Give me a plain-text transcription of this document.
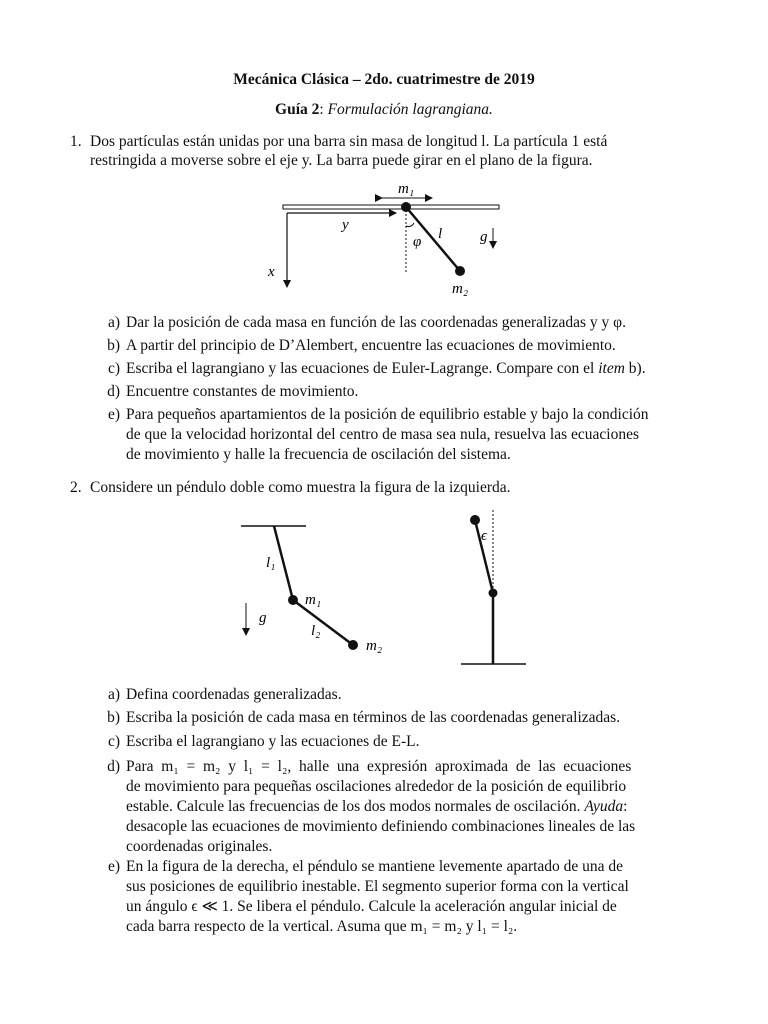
Mecánica Clásica – 2do. cuatrimestre de 2019
Guía 2: Formulación lagrangiana.
1. Dos partículas están unidas por una barra sin masa de longitud l. La partícula 1 está
restringida a moverse sobre el eje y. La barra puede girar en el plano de la figura.
m₁
y
x
l
φ	g
m₂
l₁
m₁
g
l₂
m₂
ϵ
a) Dar la posición de cada masa en función de las coordenadas generalizadas y y φ.
b) A partir del principio de D’Alembert, encuentre las ecuaciones de movimiento.
c) Escriba el lagrangiano y las ecuaciones de Euler-Lagrange. Compare con el item b).
d) Encuentre constantes de movimiento.
e) Para pequeños apartamientos de la posición de equilibrio estable y bajo la condición
de que la velocidad horizontal del centro de masa sea nula, resuelva las ecuaciones
de movimiento y halle la frecuencia de oscilación del sistema.
2. Considere un péndulo doble como muestra la figura de la izquierda.
a) Defina coordenadas generalizadas.
b) Escriba la posición de cada masa en términos de las coordenadas generalizadas.
c) Escriba el lagrangiano y las ecuaciones de E-L.
d) Para  m₁  =  m₂  y  l₁  =  l₂,  halle  una  expresión  aproximada  de  las  ecuaciones
de movimiento para pequeñas oscilaciones alrededor de la posición de equilibrio
estable. Calcule las frecuencias de los dos modos normales de oscilación. Ayuda:
desacople las ecuaciones de movimiento definiendo combinaciones lineales de las
coordenadas originales.
e) En la figura de la derecha, el péndulo se mantiene levemente apartado de una de
sus posiciones de equilibrio inestable. El segmento superior forma con la vertical
un ángulo ϵ ≪ 1. Se libera el péndulo. Calcule la aceleración angular inicial de
cada barra respecto de la vertical. Asuma que m₁ = m₂ y l₁ = l₂.
